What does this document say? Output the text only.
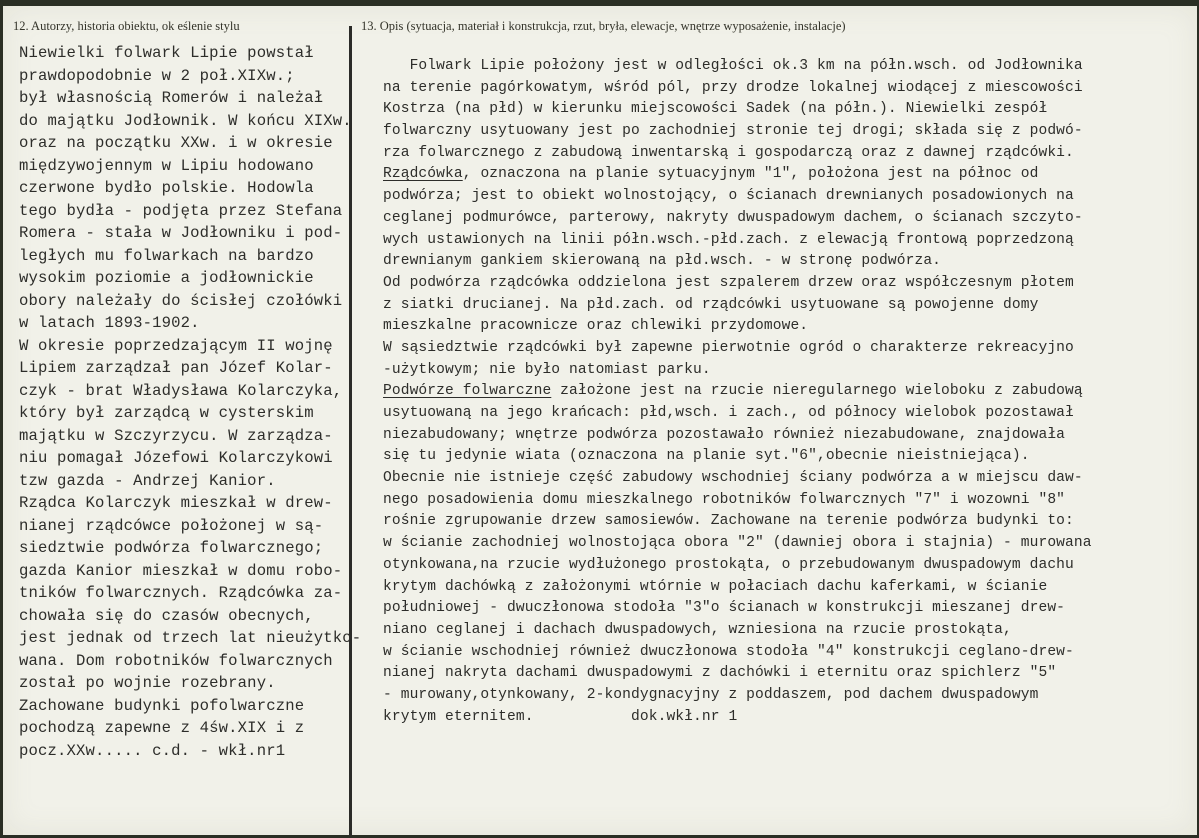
12. Autorzy, historia obiektu, ok eślenie stylu	13. Opis (sytuacja, materiał i konstrukcja, rzut, bryła, elewacje, wnętrze wyposażenie, instalacje)
Niewielki folwark Lipie powstał
prawdopodobnie w 2 poł.XIXw.;
był własnością Romerów i należał
do majątku Jodłownik. W końcu XIXw.
oraz na początku XXw. i w okresie
międzywojennym w Lipiu hodowano
czerwone bydło polskie. Hodowla
tego bydła - podjęta przez Stefana
Romera - stała w Jodłowniku i pod-
ległych mu folwarkach na bardzo
wysokim poziomie a jodłownickie
obory należały do ścisłej czołówki
w latach 1893-1902.
W okresie poprzedzającym II wojnę
Lipiem zarządzał pan Józef Kolar-
czyk - brat Władysława Kolarczyka,
który był zarządcą w cysterskim
majątku w Szczyrzycu. W zarządza-
niu pomagał Józefowi Kolarczykowi
tzw gazda - Andrzej Kanior.
Rządca Kolarczyk mieszkał w drew-
nianej rządcówce położonej w są-
siedztwie podwórza folwarcznego;
gazda Kanior mieszkał w domu robo-
tników folwarcznych. Rządcówka za-
chowała się do czasów obecnych,
jest jednak od trzech lat nieużytko-
wana. Dom robotników folwarcznych
został po wojnie rozebrany.
Zachowane budynki pofolwarczne
pochodzą zapewne z 4św.XIX i z
pocz.XXw..... c.d. - wkł.nr1
Folwark Lipie położony jest w odległości ok.3 km na półn.wsch. od Jodłownika
na terenie pagórkowatym, wśród pól, przy drodze lokalnej wiodącej z miescowości
Kostrza (na płd) w kierunku miejscowości Sadek (na półn.). Niewielki zespół
folwarczny usytuowany jest po zachodniej stronie tej drogi; składa się z podwó-
rza folwarcznego z zabudową inwentarską i gospodarczą oraz z dawnej rządcówki.
Rządcówka, oznaczona na planie sytuacyjnym "1", położona jest na północ od
podwórza; jest to obiekt wolnostojący, o ścianach drewnianych posadowionych na
ceglanej podmurówce, parterowy, nakryty dwuspadowym dachem, o ścianach szczyto-
wych ustawionych na linii półn.wsch.-płd.zach. z elewacją frontową poprzedzoną
drewnianym gankiem skierowaną na płd.wsch. - w stronę podwórza.
Od podwórza rządcówka oddzielona jest szpalerem drzew oraz współczesnym płotem
z siatki drucianej. Na płd.zach. od rządcówki usytuowane są powojenne domy
mieszkalne pracownicze oraz chlewiki przydomowe.
W sąsiedztwie rządcówki był zapewne pierwotnie ogród o charakterze rekreacyjno
-użytkowym; nie było natomiast parku.
Podwórze folwarczne założone jest na rzucie nieregularnego wieloboku z zabudową
usytuowaną na jego krańcach: płd,wsch. i zach., od północy wielobok pozostawał
niezabudowany; wnętrze podwórza pozostawało również niezabudowane, znajdowała
się tu jedynie wiata (oznaczona na planie syt."6",obecnie nieistniejąca).
Obecnie nie istnieje część zabudowy wschodniej ściany podwórza a w miejscu daw-
nego posadowienia domu mieszkalnego robotników folwarcznych "7" i wozowni "8"
rośnie zgrupowanie drzew samosiewów. Zachowane na terenie podwórza budynki to:
w ścianie zachodniej wolnostojąca obora "2" (dawniej obora i stajnia) - murowana
otynkowana,na rzucie wydłużonego prostokąta, o przebudowanym dwuspadowym dachu
krytym dachówką z założonymi wtórnie w połaciach dachu kaferkami, w ścianie
południowej - dwuczłonowa stodoła "3"o ścianach w konstrukcji mieszanej drew-
niano ceglanej i dachach dwuspadowych, wzniesiona na rzucie prostokąta,
w ścianie wschodniej również dwuczłonowa stodoła "4" konstrukcji ceglano-drew-
nianej nakryta dachami dwuspadowymi z dachówki i eternitu oraz spichlerz "5"
- murowany,otynkowany, 2-kondygnacyjny z poddaszem, pod dachem dwuspadowym
krytym eternitem.           dok.wkł.nr 1
